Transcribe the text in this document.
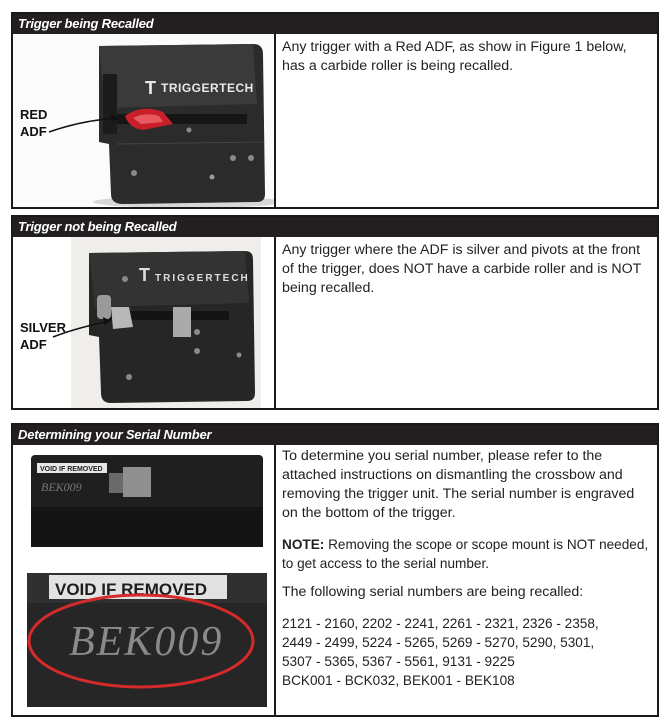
Trigger being Recalled
TRIGGERTECH
T
RED
ADF

Any trigger with a Red ADF, as show in Figure 1 below, has a carbide roller is being recalled.

Trigger not being Recalled
T TRIGGERTECH
SILVER
ADF

Any trigger where the ADF is silver and pivots at the front of the trigger, does NOT have a carbide roller and is NOT being recalled.

Determining your Serial Number
VOID IF REMOVED
BEK009
VOID IF REMOVED
BEK009

To determine you serial number, please refer to the attached instructions on dismantling the crossbow and removing the trigger unit. The serial number is engraved on the bottom of the trigger.

NOTE: Removing the scope or scope mount is NOT needed, to get access to the serial number.

The following serial numbers are being recalled:

2121 - 2160, 2202 - 2241, 2261 - 2321, 2326 - 2358,
2449 - 2499, 5224 - 5265, 5269 - 5270, 5290, 5301,
5307 - 5365, 5367 - 5561, 9131 - 9225
BCK001 - BCK032, BEK001 - BEK108
